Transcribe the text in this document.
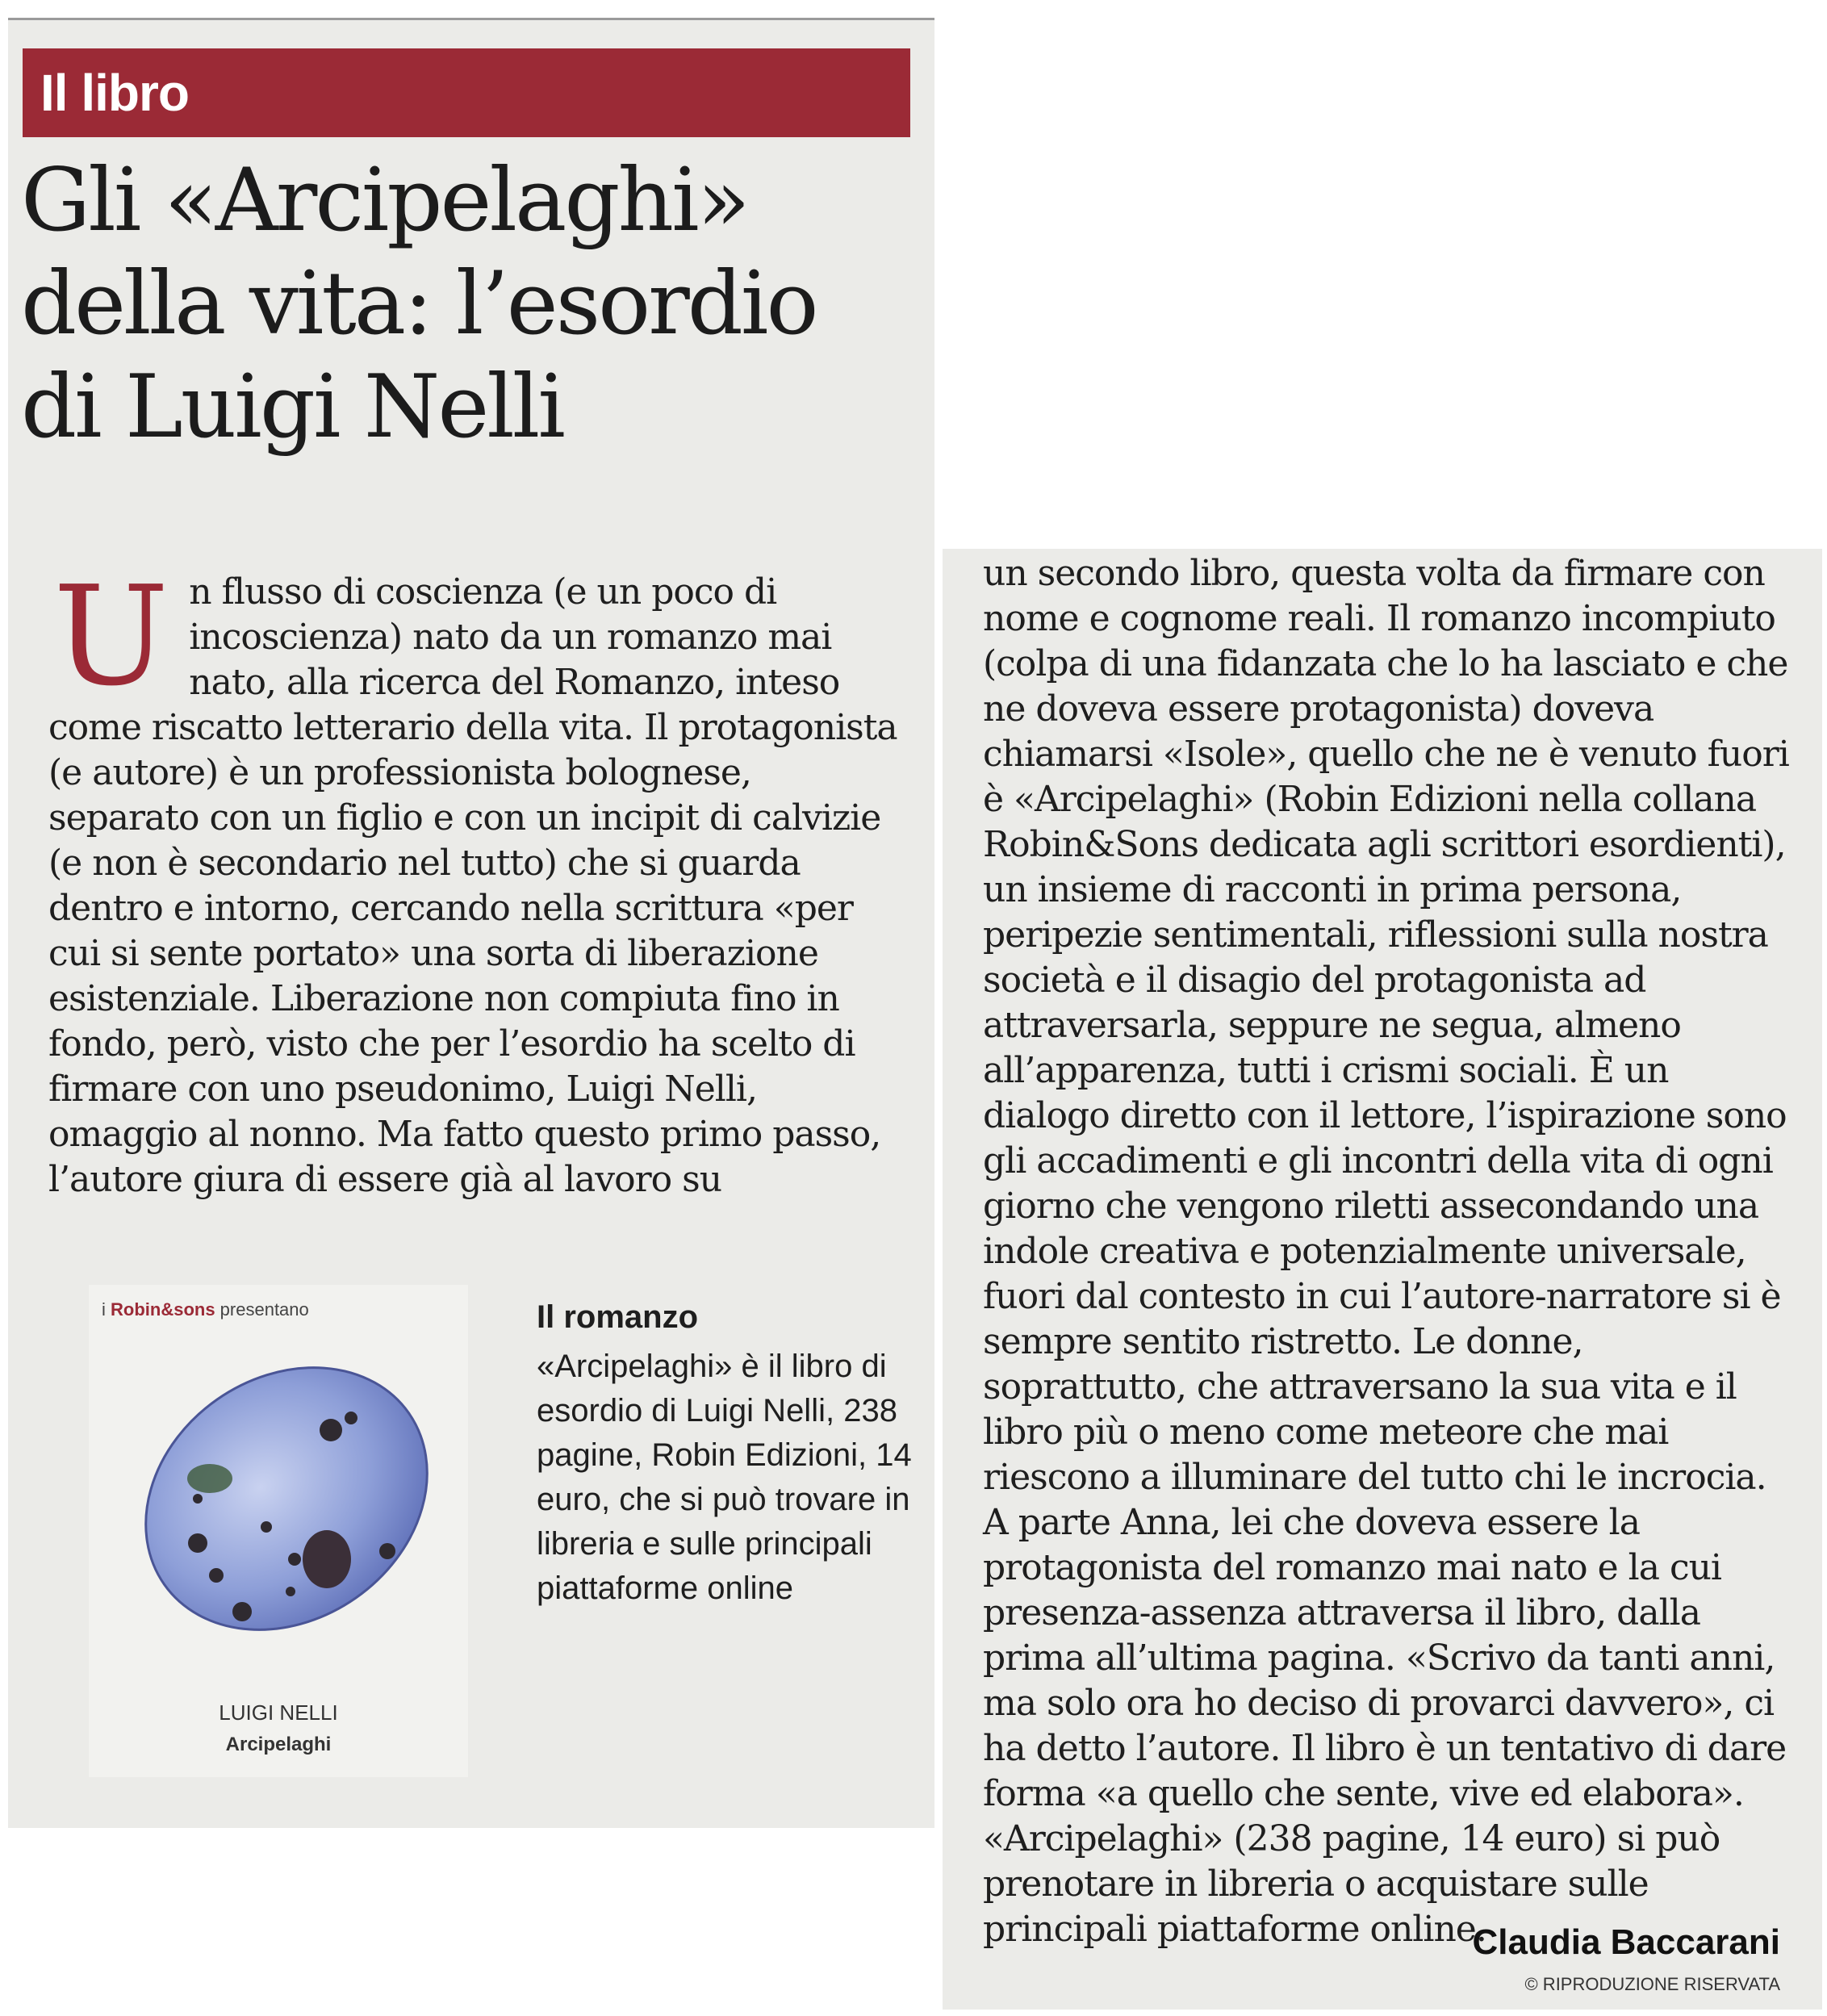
Il libro
Gli «Arcipelaghi» della vita: l’esordio di Luigi Nelli
Un flusso di coscienza (e un poco di incoscienza) nato da un romanzo mai nato, alla ricerca del Romanzo, inteso come riscatto letterario della vita. Il protagonista (e autore) è un professionista bolognese, separato con un figlio e con un incipit di calvizie (e non è secondario nel tutto) che si guarda dentro e intorno, cercando nella scrittura «per cui si sente portato» una sorta di liberazione esistenziale. Liberazione non compiuta fino in fondo, però, visto che per l’esordio ha scelto di firmare con uno pseudonimo, Luigi Nelli, omaggio al nonno. Ma fatto questo primo passo, l’autore giura di essere già al lavoro su
i Robin&sons presentano
LUIGI NELLI
Arcipelaghi

Il romanzo

«Arcipelaghi» è il libro di esordio di Luigi Nelli, 238 pagine, Robin Edizioni, 14 euro, che si può trovare in libreria e sulle principali piattaforme online

un secondo libro, questa volta da firmare con nome e cognome reali. Il romanzo incompiuto (colpa di una fidanzata che lo ha lasciato e che ne doveva essere protagonista) doveva chiamarsi «Isole», quello che ne è venuto fuori è «Arcipelaghi» (Robin Edizioni nella collana Robin&Sons dedicata agli scrittori esordienti), un insieme di racconti in prima persona, peripezie sentimentali, riflessioni sulla nostra società e il disagio del protagonista ad attraversarla, seppure ne segua, almeno all’apparenza, tutti i crismi sociali. È un dialogo diretto con il lettore, l’ispirazione sono gli accadimenti e gli incontri della vita di ogni giorno che vengono riletti assecondando una indole creativa e potenzialmente universale, fuori dal contesto in cui l’autore-narratore si è sempre sentito ristretto. Le donne, soprattutto, che attraversano la sua vita e il libro più o meno come meteore che mai riescono a illuminare del tutto chi le incrocia. A parte Anna, lei che doveva essere la protagonista del romanzo mai nato e la cui presenza-assenza attraversa il libro, dalla prima all’ultima pagina. «Scrivo da tanti anni, ma solo ora ho deciso di provarci davvero», ci ha detto l’autore. Il libro è un tentativo di dare forma «a quello che sente, vive ed elabora». «Arcipelaghi» (238 pagine, 14 euro) si può prenotare in libreria o acquistare sulle principali piattaforme online.

Claudia Baccarani

© RIPRODUZIONE RISERVATA
